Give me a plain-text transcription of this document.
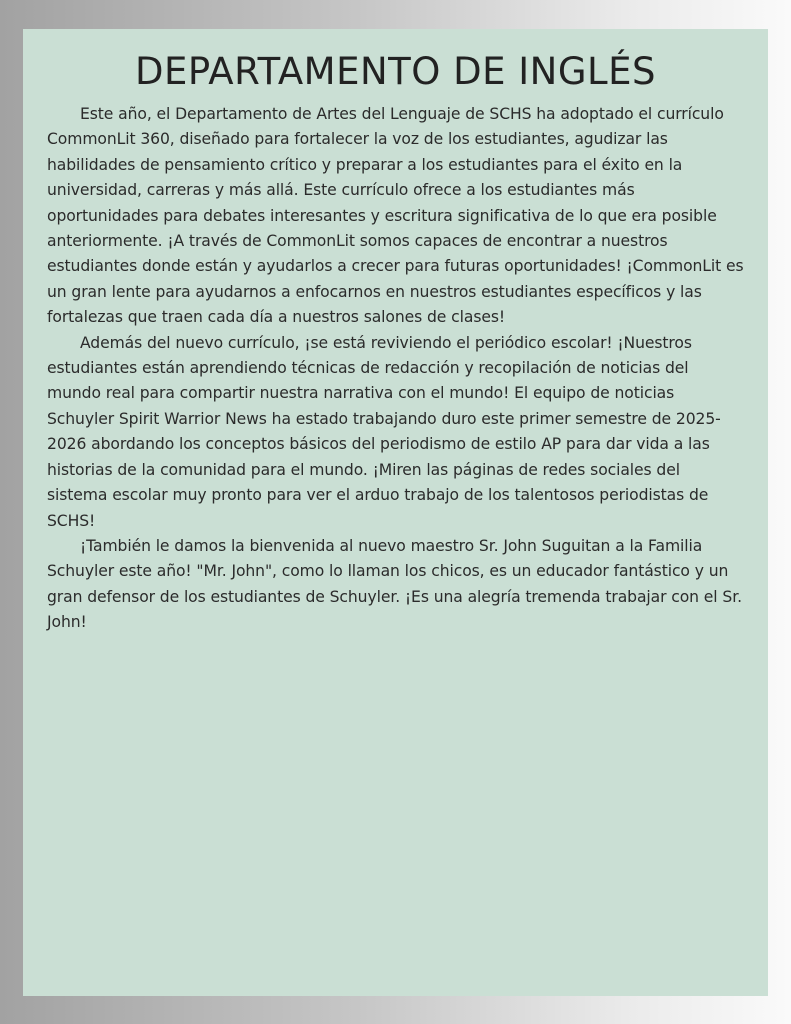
DEPARTAMENTO DE INGLÉS

Este año, el Departamento de Artes del Lenguaje de SCHS ha adoptado el currículo CommonLit 360, diseñado para fortalecer la voz de los estudiantes, agudizar las habilidades de pensamiento crítico y preparar a los estudiantes para el éxito en la universidad, carreras y más allá. Este currículo ofrece a los estudiantes más oportunidades para debates interesantes y escritura significativa de lo que era posible anteriormente. ¡A través de CommonLit somos capaces de encontrar a nuestros estudiantes donde están y ayudarlos a crecer para futuras oportunidades! ¡CommonLit es un gran lente para ayudarnos a enfocarnos en nuestros estudiantes específicos y las fortalezas que traen cada día a nuestros salones de clases!

Además del nuevo currículo, ¡se está reviviendo el periódico escolar! ¡Nuestros estudiantes están aprendiendo técnicas de redacción y recopilación de noticias del mundo real para compartir nuestra narrativa con el mundo! El equipo de noticias Schuyler Spirit Warrior News ha estado trabajando duro este primer semestre de 2025-2026 abordando los conceptos básicos del periodismo de estilo AP para dar vida a las historias de la comunidad para el mundo. ¡Miren las páginas de redes sociales del sistema escolar muy pronto para ver el arduo trabajo de los talentosos periodistas de SCHS!

¡También le damos la bienvenida al nuevo maestro Sr. John Suguitan a la Familia Schuyler este año! "Mr. John", como lo llaman los chicos, es un educador fantástico y un gran defensor de los estudiantes de Schuyler. ¡Es una alegría tremenda trabajar con el Sr. John!
